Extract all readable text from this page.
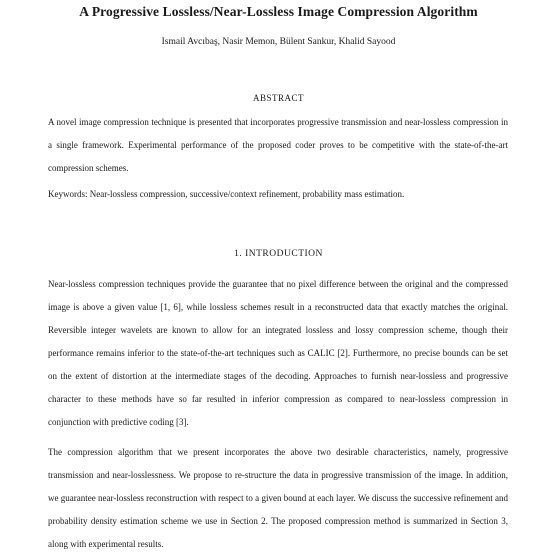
A Progressive Lossless/Near-Lossless Image Compression Algorithm
Ismail Avcıbaş, Nasir Memon, Bülent Sankur, Khalid Sayood
ABSTRACT
A novel image compression technique is presented that incorporates progressive transmission and near-lossless compression in a single framework. Experimental performance of the proposed coder proves to be competitive with the state-of-the-art compression schemes.
Keywords: Near-lossless compression, successive/context refinement, probability mass estimation.
1. INTRODUCTION
Near-lossless compression techniques provide the guarantee that no pixel difference between the original and the compressed image is above a given value [1, 6], while lossless schemes result in a reconstructed data that exactly matches the original. Reversible integer wavelets are known to allow for an integrated lossless and lossy compression scheme, though their performance remains inferior to the state-of-the-art techniques such as CALIC [2]. Furthermore, no precise bounds can be set on the extent of distortion at the intermediate stages of the decoding. Approaches to furnish near-lossless and progressive character to these methods have so far resulted in inferior compression as compared to near-lossless compression in conjunction with predictive coding [3].
The compression algorithm that we present incorporates the above two desirable characteristics, namely, progressive transmission and near-losslessness. We propose to re-structure the data in progressive transmission of the image. In addition, we guarantee near-lossless reconstruction with respect to a given bound at each layer. We discuss the successive refinement and probability density estimation scheme we use in Section 2. The proposed compression method is summarized in Section 3, along with experimental results.
